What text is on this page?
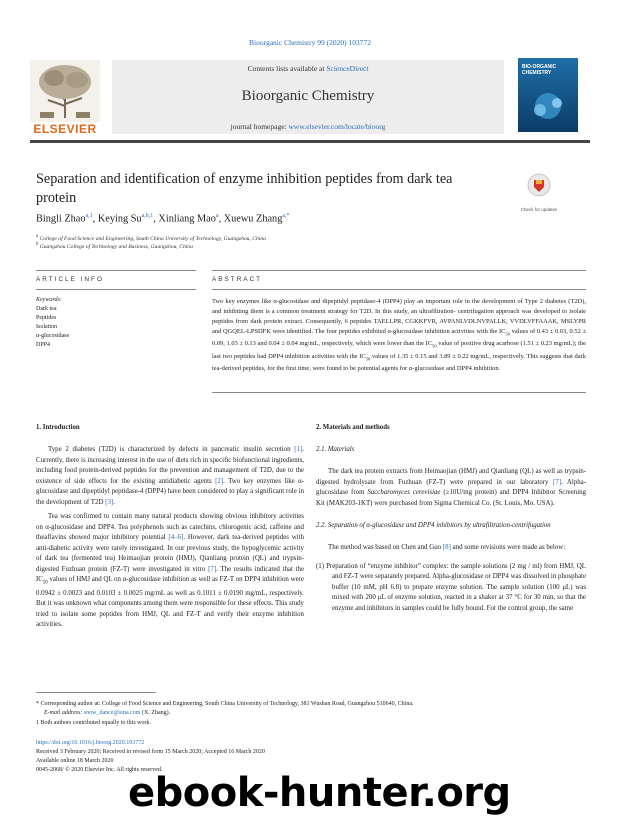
Bioorganic Chemistry 99 (2020) 103772
ELSEVIER
Contents lists available at ScienceDirect
Bioorganic Chemistry
journal homepage: www.elsevier.com/locate/bioorg
BIO-ORGANIC CHEMISTRY
Separation and identification of enzyme inhibition peptides from dark tea protein
Check for updates
Bingli Zhao$^{a,1}$, Keying Su$^{a,b,1}$, Xinliang Mao$^a$, Xuewu Zhang$^{a,*}$
$^a$ College of Food Science and Engineering, South China University of Technology, Guangzhou, China
$^b$ Guangzhou College of Technology and Business, Guangzhou, China
ARTICLE INFO	ABSTRACT
Keywords:
Dark tea
Peptides
Isolation
α-glucosidase
DPP4
Two key enzymes like α-glucosidase and dipeptidyl peptidase-4 (DPP4) play an important role in the development of Type 2 diabetes (T2D), and inhibiting them is a common treatment strategy for T2D. In this study, an ultrafiltration- centrifugation approach was developed to isolate peptides from dark protein extract. Consequently, 6 peptides TAELLPR, CGKKFVR, AVPANLVDLNVPALLK, VVDLVFFAAAK, MSLYPR and QGQEL-LPSDFK were identified. The four peptides exhibited α-glucosidase inhibition activities with the $IC_{50}$ values of 0.43 ± 0.03, 0.52 ± 0.09, 1.03 ± 0.13 and 0.04 ± 0.04 mg/mL, respectively, which were lower than the $IC_{50}$ value of positive drug acarbose (1.51 ± 0.23 mg/mL); the last two peptides had DPP4 inhibition activities with the $IC_{50}$ values of 1.35 ± 0.15 and 3.89 ± 0.22 mg/mL, respectively. This suggests that dark tea-derived peptides, for the first time, were found to be potential agents for α-glucosidase and DPP4 inhibition.
1. Introduction

Type 2 diabetes (T2D) is characterized by defects in pancreatic insulin secretion [1]. Currently, there is increasing interest in the use of diets rich in specific biofunctional ingredients, including food protein-derived peptides for the prevention and management of T2D, due to the existence of side effects for the existing antidiabetic agents [2]. Two key enzymes like α-glucosidase and dipeptidyl peptidase-4 (DPP4) have been considered to play a significant role in the development of T2D [3].

Tea was confirmed to contain many natural products showing obvious inhibitory activities on α-glucosidase and DPP4. Tea polyphenols such as catechins, chlorogenic acid, caffeine and theaflavins showed major inhibitory potential [4–6]. However, dark tea-derived peptides with anti-diabetic activity were rarely investigated. In our previous study, the hypoglycemic activity of dark tea (fermented tea) Heimaojian protein (HMJ), Qianliang protein (QL) and trypsin-digested Fuzhuan protein (FZ-T) were investigated in vitro [7]. The results indicated that the $IC_{50}$ values of HMJ and QL on α-glucosidase inhibition as well as FZ-T on DPP4 inhibition were 0.0942 ± 0.0023 and 0.0103 ± 0.0025 mg/mL as well as 0.1011 ± 0.0190 mg/mL, respectively. But it was unknown what components among them were responsible for these effects. This study tried to isolate some peptides from HMJ, QL and FZ-T and verify their enzyme inhibition activities.

2. Materials and methods
2.1. Materials

The dark tea protein extracts from Heimaojian (HMJ) and Qianliang (QL) as well as trypsin-digested hydrolysate from Fuzhuan (FZ-T) were prepared in our laboratory [7]. Alpha-glucosidase from Saccharomyces cerevisiae (≥10U/mg protein) and DPP4 Inhibitor Screening Kit (MAK203-1KT) were purchased from Sigma Chemical Co. (St. Louis, Mo. USA).

2.2. Separation of α-glucosidase and DPP4 inhibitors by ultrafiltration-centrifugation

The method was based on Chen and Guo [8] and some revisions were made as below:

(1) Preparation of “enzyme inhibitor” complex: the sample solutions (2 mg / ml) from HMJ, QL and FZ-T were separately prepared. Alpha-glucosidase or DPP4 was dissolved in phosphate buffer (10 mM, pH 6.8) to prepare enzyme solution. The sample solution (100 μL) was mixed with 200 μL of enzyme solution, reacted in a shaker at 37 °C for 30 min, so that the enzyme and inhibitors in samples could be fully bound. For the control group, the same

* Corresponding author at: College of Food Science and Engineering, South China University of Technology, 381 Wushan Road, Guangzhou 510640, China.
E-mail address: snow_dance@sina.com (X. Zhang).
1 Both authors contributed equally to this work.
https://doi.org/10.1016/j.bioorg.2020.103772
Received 3 February 2020; Received in revised form 15 March 2020; Accepted 16 March 2020
Available online 18 March 2020
0045-2068/ © 2020 Elsevier Inc. All rights reserved.
ebook-hunter.org
